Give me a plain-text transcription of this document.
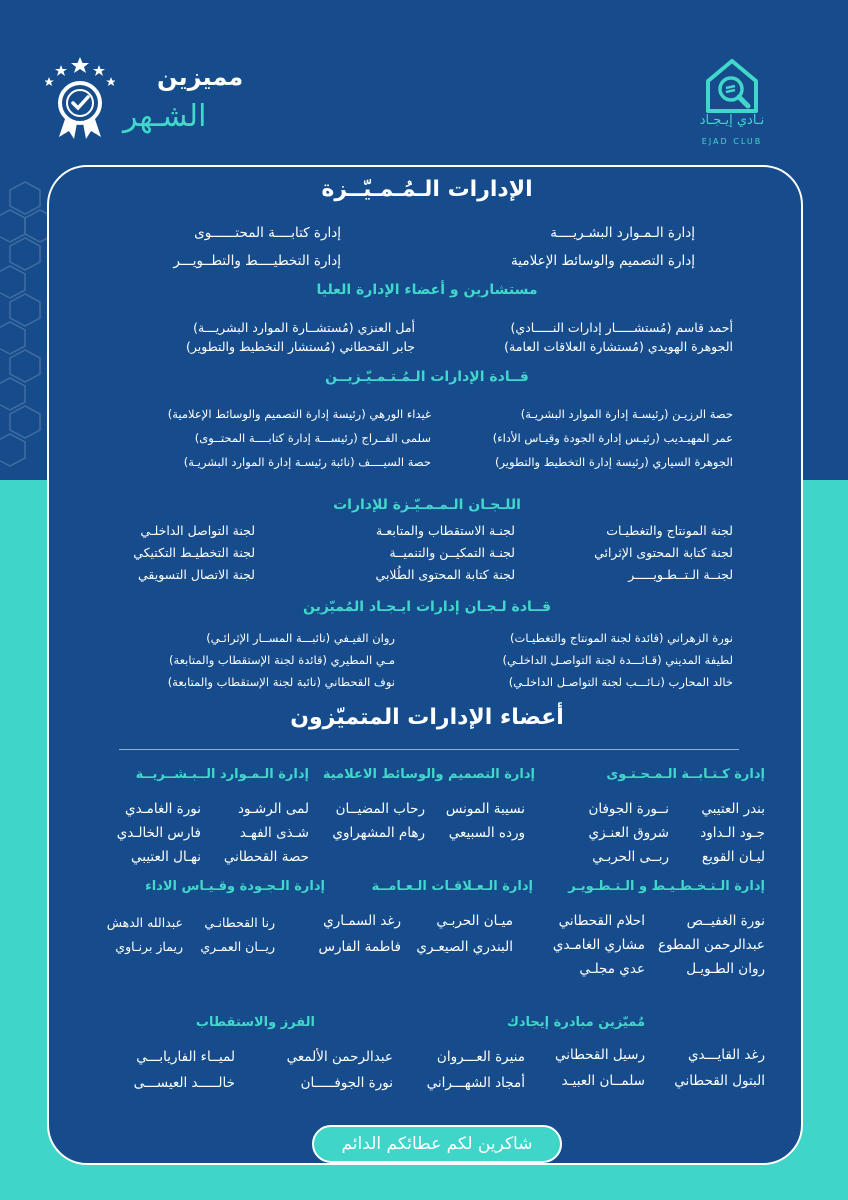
مميزين
الشـهر	نـادي إيـجـاد
EJAD CLUB
الإدارات الـمُـمـيّــزة
إدارة الـمـوارد البشـريــــة
إدارة التصميم والوسائط الإعلامية
إدارة كتابــــة المحتــــــوى
إدارة التخطيــــط والتطــويـــر
مستشارين و أعضاء الإدارة العليا
أحمد قاسم (مُستشـــــار إدارات النـــــادي)
الجوهرة الهويدي (مُستشارة العلاقات العامة)
أمل العنزي (مُستشــارة الموارد البشريـــة)
جابر القحطاني (مُستشار التخطيط والتطوير)
قــادة الإدارات الـمُـتـمـيّـزيــن
حصة الرزيـن (رئيسـة إدارة الموارد البشريـة)
عمر المهيـديب (رئيـس إدارة الجودة وقيـاس الأداء)
الجوهرة السياري (رئيسة إدارة التخطيط والتطوير)
غيداء الورهي (رئيسة إدارة التصميم والوسائط الإعلامية)
سلمى الفــراج (رئيســـة إدارة كتابــــة المحتــوى)
حصة السيــــف (نائبة رئيسـة إدارة الموارد البشريـة)
اللـجـان الـمـمـيّـزة للإدارات
لجنة المونتاج والتغطيـات
لجنة كتابة المحتوى الإثرائي
لجنــة الـتــطـويـــــر
لجنـة الاستقطاب والمتابعـة
لجنـة التمكيــن والتنميــة
لجنة كتابة المحتوى الطُلابي
لجنة التواصل الداخلـي
لجنة التخطيـط التكتيكي
لجنة الاتصال التسويقي
قــادة لـجـان إدارات ايـجـاد المُميّزين
نورة الزهراني (قائدة لجنة المونتاج والتغطيـات)
لطيفة المديني (قـائـــدة لجنة التواصـل الداخلـي)
خالد المحارب (نـائـــب لجنة التواصـل الداخلـي)
روان الفيـفي (نائبـــة المســار الإثرائـي)
مـي المطيري (قائدة لجنة الإستقطاب والمتابعة)
نوف القحطاني (نائبة لجنة الإستقطاب والمتابعة)
أعضاء الإدارات المتميّزون
إدارة كـتـابــة الـمـحـتـوى
بندر العتيبي
جـود الـداود
ليـان القويع
نــورة الجوفان
شروق العنـزي
ربــى الحربـي
إدارة التصميم والوسائط الاعلامية
نسيبة المونس
ورده السبيعي
رحاب المضيــان
رهام المشهراوي
إدارة الـمـوارد الــبـشــريــة
لمى الرشـود
شـذى الفهـد
حصة القحطاني
نورة الغامـدي
فارس الخالـدي
نهـال العتيبي
إدارة الـتـخـطـيـط و الـتـطـويـر
نورة الغفيــص
عبدالرحمن المطوع
روان الطـويـل
احلام القحطاني
مشاري الغامـدي
عدي مجلـي
إدارة الـعـلاقـات الـعـامــة
ميـان الحربـي
البندري الصيعـري
رغد السمـاري
فاطمة الفارس
إدارة الـجـودة وقـيـاس الاداء
رنا القحطانـي
ريــان العمـري
عبدالله الدهش
ريماز برنـاوي
مُميّزين مبادرة إيجادك
رغد القايـــدي
البتول القحطاني
رسيل القحطاني
سلمــان العبيـد
منيرة العـــروان
أمجاد الشهـــراني
الفرز والاستقطاب
عبدالرحمن الألمعي
نورة الجوفـــــان
لميــاء الفاريابـــي
خالـــــد العيســـى
شاكرين لكم عطائكم الدائم
